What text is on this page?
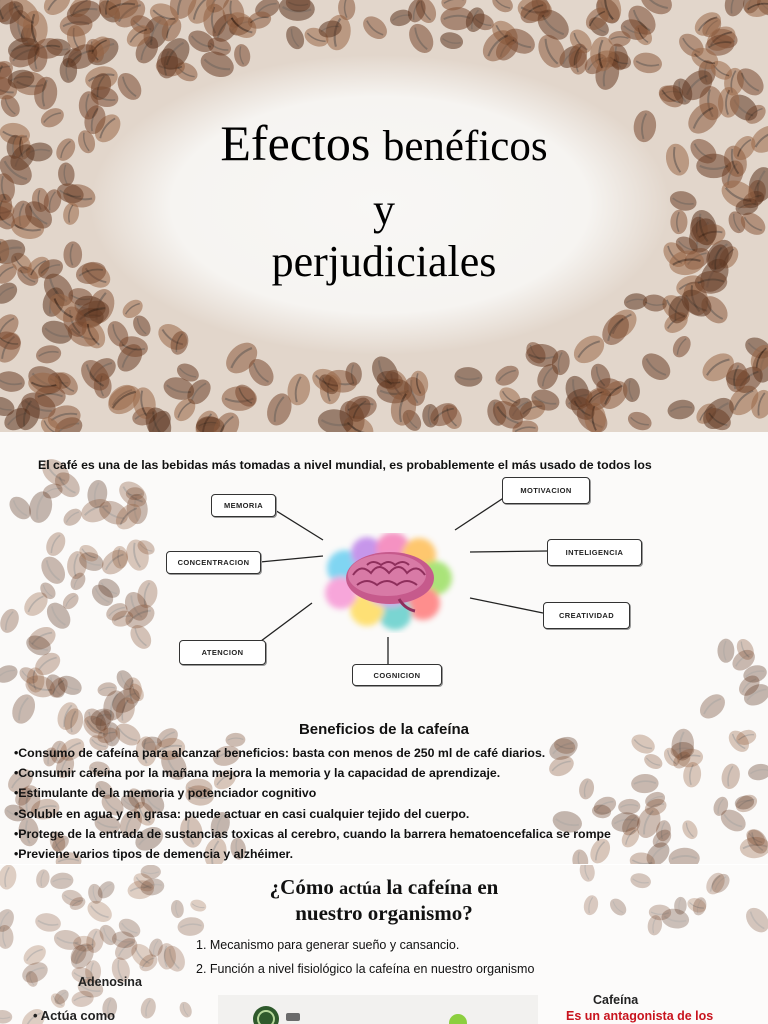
Efectos benéficos
y
perjudiciales
El café es una de las bebidas más tomadas a nivel mundial, es probablemente el más usado de todos los
MEMORIA
MOTIVACION
CONCENTRACION
INTELIGENCIA
CREATIVIDAD
ATENCION
COGNICION
Beneficios de la cafeína
•Consumo de cafeína para alcanzar beneficios: basta con menos de 250 ml de café diarios.
•Consumir cafeína por la mañana mejora la memoria y la capacidad de aprendizaje.
•Estimulante de la memoria y potenciador cognitivo
•Soluble en agua y en grasa: puede actuar en casi cualquier tejido del cuerpo.
•Protege de la entrada de sustancias toxicas al cerebro, cuando la barrera hematoencefalica se rompe
•Previene varios tipos de demencia y alzhéimer.
¿Cómo actúa la cafeína en
nuestro organismo?
1. Mecanismo para generar sueño y cansancio.
2. Función a nivel fisiológico la cafeína en nuestro organismo
Adenosina
• Actúa como
Cafeína
Es un antagonista de los
